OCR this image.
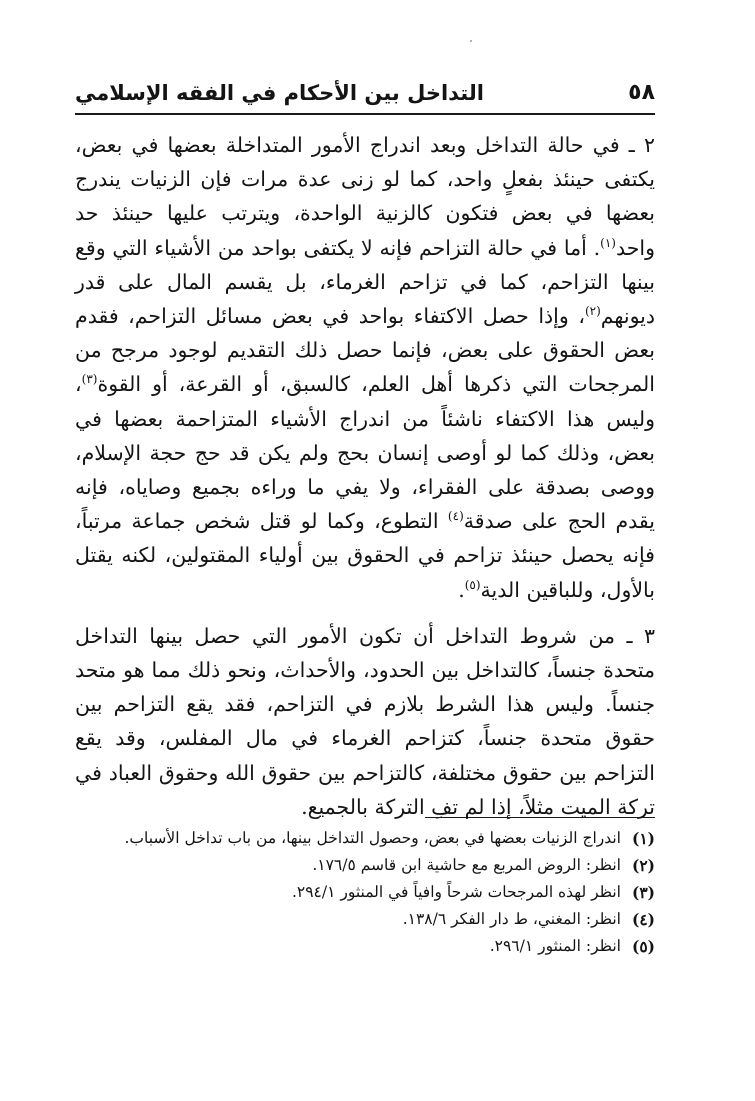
٥٨
التداخل بين الأحكام في الفقه الإسلامي

٢ ـ في حالة التداخل وبعد اندراج الأمور المتداخلة بعضها في بعض، يكتفى حينئذ بفعلٍ واحد، كما لو زنى عدة مرات فإن الزنيات يندرج بعضها في بعض فتكون كالزنية الواحدة، ويترتب عليها حينئذ حد واحد$^{(١)}$. أما في حالة التزاحم فإنه لا يكتفى بواحد من الأشياء التي وقع بينها التزاحم، كما في تزاحم الغرماء، بل يقسم المال على قدر ديونهم$^{(٢)}$، وإذا حصل الاكتفاء بواحد في بعض مسائل التزاحم، فقدم بعض الحقوق على بعض، فإنما حصل ذلك التقديم لوجود مرجح من المرجحات التي ذكرها أهل العلم، كالسبق، أو القرعة، أو القوة$^{(٣)}$، وليس هذا الاكتفاء ناشئاً من اندراج الأشياء المتزاحمة بعضها في بعض، وذلك كما لو أوصى إنسان بحج ولم يكن قد حج حجة الإسلام، ووصى بصدقة على الفقراء، ولا يفي ما وراءه بجميع وصاياه، فإنه يقدم الحج على صدقة$^{(٤)}$ التطوع، وكما لو قتل شخص جماعة مرتباً، فإنه يحصل حينئذ تزاحم في الحقوق بين أولياء المقتولين، لكنه يقتل بالأول، وللباقين الدية$^{(٥)}$.

٣ ـ من شروط التداخل أن تكون الأمور التي حصل بينها التداخل متحدة جنساً، كالتداخل بين الحدود، والأحداث، ونحو ذلك مما هو متحد جنساً. وليس هذا الشرط بلازم في التزاحم، فقد يقع التزاحم بين حقوق متحدة جنساً، كتزاحم الغرماء في مال المفلس، وقد يقع التزاحم بين حقوق مختلفة، كالتزاحم بين حقوق الله وحقوق العباد في تركة الميت مثلاً، إذا لم تفِ التركة بالجميع.

(١)
اندراج الزنيات بعضها في بعض، وحصول التداخل بينها، من باب تداخل الأسباب.
(٢)
انظر: الروض المربع مع حاشية ابن قاسم ١٧٦/٥.
(٣)
انظر لهذه المرجحات شرحاً وافياً في المنثور ٢٩٤/١.
(٤)
انظر: المغني، ط دار الفكر ١٣٨/٦.
(٥)
انظر: المنثور ٢٩٦/١.
